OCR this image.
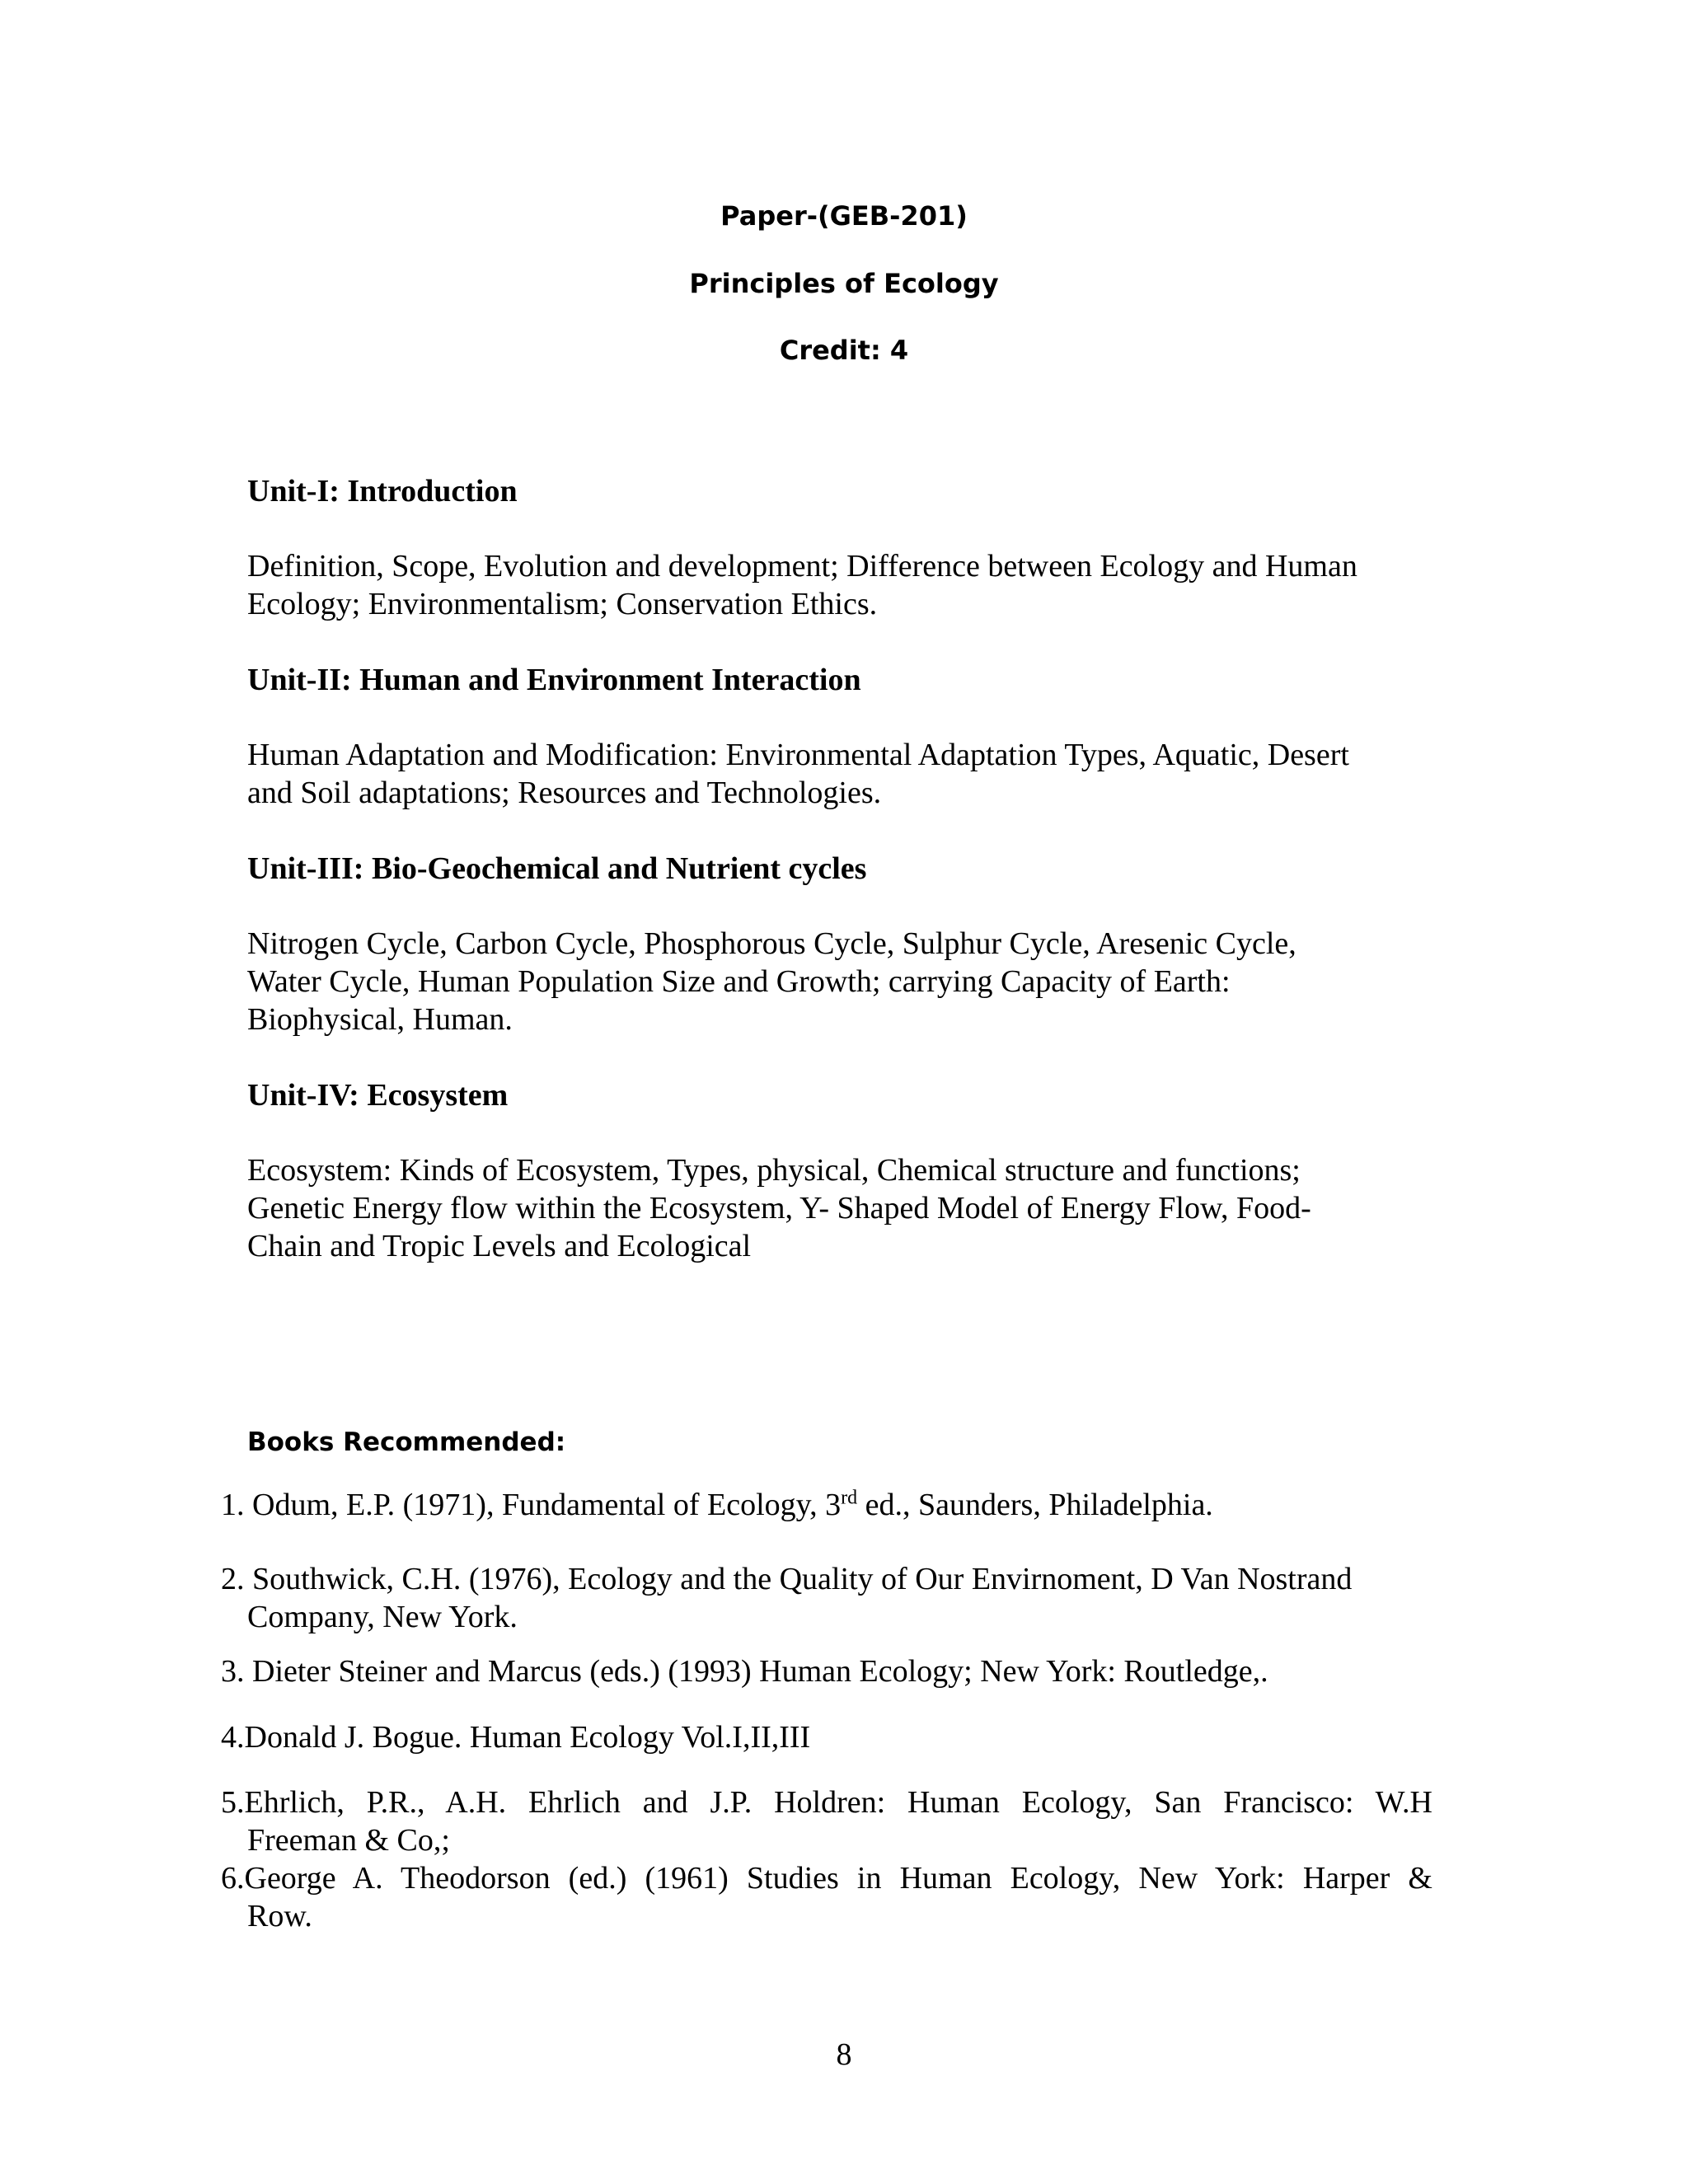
Paper-(GEB-201)
Principles of Ecology
Credit: 4
Unit-I: Introduction
Definition, Scope, Evolution and development; Difference between Ecology and Human
Ecology; Environmentalism; Conservation Ethics.
Unit-II: Human and Environment Interaction
Human Adaptation and Modification: Environmental Adaptation Types, Aquatic, Desert
and Soil adaptations; Resources and Technologies.
Unit-III: Bio-Geochemical and Nutrient cycles
Nitrogen Cycle, Carbon Cycle, Phosphorous Cycle, Sulphur Cycle, Aresenic Cycle,
Water Cycle, Human Population Size and Growth; carrying Capacity of Earth:
Biophysical, Human.
Unit-IV: Ecosystem
Ecosystem: Kinds of Ecosystem, Types, physical, Chemical structure and functions;
Genetic Energy flow within the Ecosystem, Y- Shaped Model of Energy Flow, Food-
Chain and Tropic Levels and Ecological
Books Recommended:
1. Odum, E.P. (1971), Fundamental of Ecology, 3rd ed., Saunders, Philadelphia.
2. Southwick, C.H. (1976), Ecology and the Quality of Our Envirnoment, D Van Nostrand
Company, New York.
3. Dieter Steiner and Marcus (eds.) (1993) Human Ecology; New York: Routledge,.
4.Donald J. Bogue. Human Ecology Vol.I,II,III
5.Ehrlich, P.R., A.H. Ehrlich and J.P. Holdren: Human Ecology, San Francisco: W.H
Freeman & Co,;
6.George A. Theodorson (ed.) (1961) Studies in Human Ecology, New York: Harper &
Row.
8
